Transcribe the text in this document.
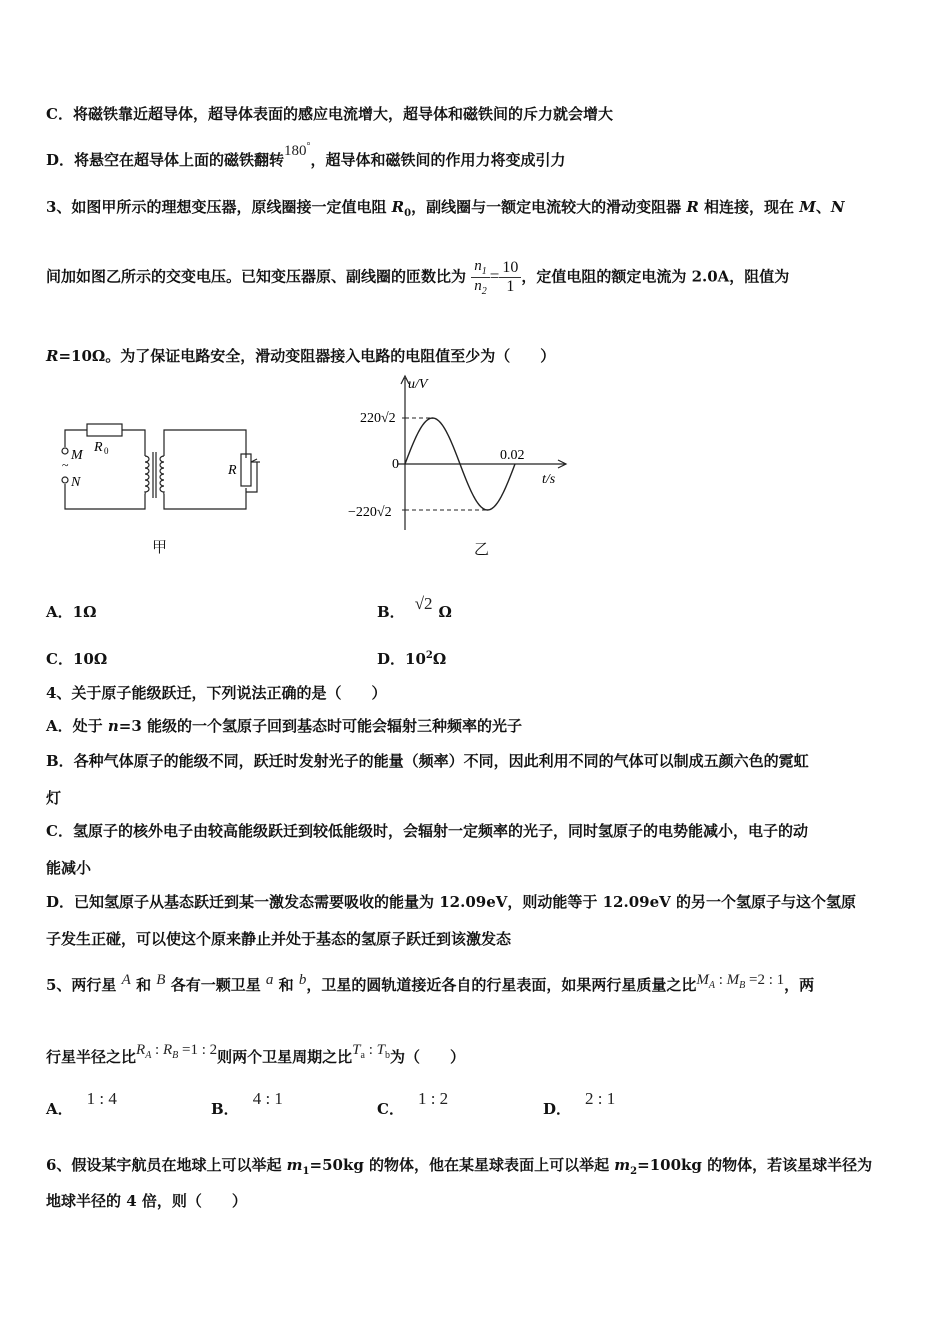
C．将磁铁靠近超导体，超导体表面的感应电流增大，超导体和磁铁间的斥力就会增大
D．将悬空在超导体上面的磁铁翻转180°，超导体和磁铁间的作用力将变成引力
3、如图甲所示的理想变压器，原线圈接一定值电阻 $R_0$，副线圈与一额定电流较大的滑动变阻器 R 相连接，现在 M、N
间加如图乙所示的交变电压。已知变压器原、副线圈的匝数比为 $\frac{n_1}{n_2} = \frac{10}{1}$ ，定值电阻的额定电流为 2.0A，阻值为
R=10Ω。为了保证电路安全，滑动变阻器接入电路的电阻值至少为（　　）
~
M
N
R 0
R
甲
u/V
t/s
0
220√2
−220√2
0.02
乙
A．1Ω	B． √2 Ω
C．10Ω	D．$10^2\Omega$
4、关于原子能级跃迁，下列说法正确的是（　　）
A．处于 n=3 能级的一个氢原子回到基态时可能会辐射三种频率的光子
B．各种气体原子的能级不同，跃迁时发射光子的能量（频率）不同，因此利用不同的气体可以制成五颜六色的霓虹
灯
C．氢原子的核外电子由较高能级跃迁到较低能级时，会辐射一定频率的光子，同时氢原子的电势能减小，电子的动
能减小
D．已知氢原子从基态跃迁到某一激发态需要吸收的能量为 12.09eV，则动能等于 12.09eV 的另一个氢原子与这个氢原
子发生正碰，可以使这个原来静止并处于基态的氢原子跃迁到该激发态
5、两行星 A 和 B 各有一颗卫星 a 和 b，卫星的圆轨道接近各自的行星表面，如果两行星质量之比$M_A$ : $M_B =2$ : 1，两
行星半径之比$R_A$ : $R_B =1$ : 2则两个卫星周期之比$T_a$ : $T_b$为（　　）
A．1 : 4
B．4 : 1
C．1 : 2
D．2 : 1
6、假设某宇航员在地球上可以举起 $m_1=50kg$ 的物体，他在某星球表面上可以举起 $m_2=100kg$ 的物体，若该星球半径为
地球半径的 4 倍，则（　　）
